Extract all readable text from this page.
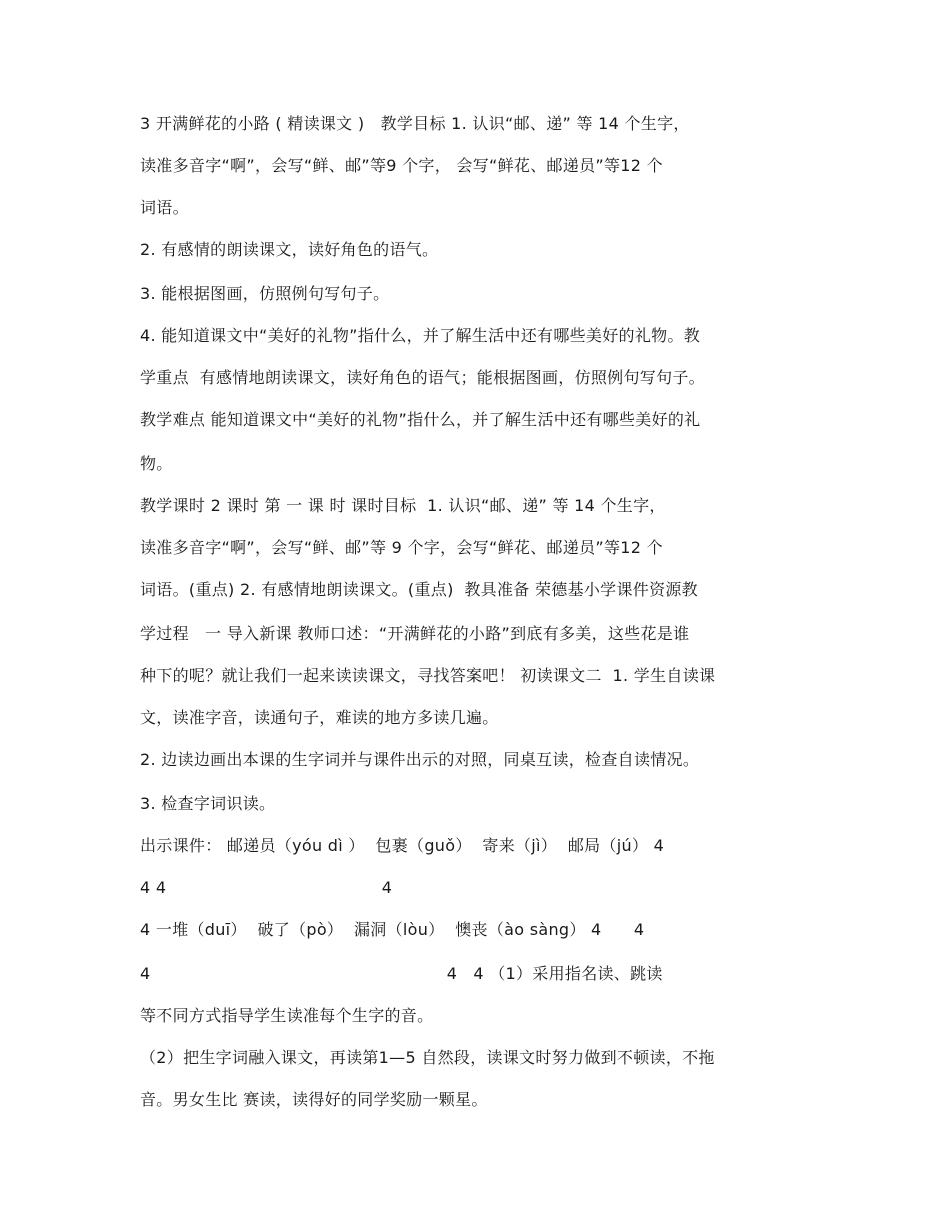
3 开满鲜花的小路 ( 精读课文 )   教学目标 1. 认识“邮、递” 等 14 个生字，
读准多音字“啊”，会写“鲜、邮”等9 个字， 会写“鲜花、邮递员”等12 个
词语。
2. 有感情的朗读课文，读好角色的语气。
3. 能根据图画，仿照例句写句子。
4. 能知道课文中“美好的礼物”指什么，并了解生活中还有哪些美好的礼物。教
学重点  有感情地朗读课文，读好角色的语气；能根据图画，仿照例句写句子。
教学难点 能知道课文中“美好的礼物”指什么，并了解生活中还有哪些美好的礼
物。
教学课时 2 课时 第 一 课 时 课时目标  1. 认识“邮、递” 等 14 个生字，
读准多音字“啊”，会写“鲜、邮”等 9 个字，会写“鲜花、邮递员”等12 个
词语。(重点) 2. 有感情地朗读课文。(重点)  教具准备 荣德基小学课件资源教
学过程   一 导入新课 教师口述：“开满鲜花的小路”到底有多美，这些花是谁
种下的呢？就让我们一起来读读课文，寻找答案吧！ 初读课文二  1. 学生自读课
文，读准字音，读通句子，难读的地方多读几遍。
2. 边读边画出本课的生字词并与课件出示的对照，同桌互读，检查自读情况。
3. 检查字词识读。
出示课件： 邮递员（yóu dì ）  包裹（guǒ）  寄来（jì）  邮局（jú） 4
4 4                                        4
4 一堆（duī）  破了（pò）  漏洞（lòu）  懊丧（ào sàng） 4      4
4                                                       4   4 （1）采用指名读、跳读
等不同方式指导学生读准每个生字的音。
（2）把生字词融入课文，再读第1—5 自然段，读课文时努力做到不顿读，不拖
音。男女生比 赛读，读得好的同学奖励一颗星。
